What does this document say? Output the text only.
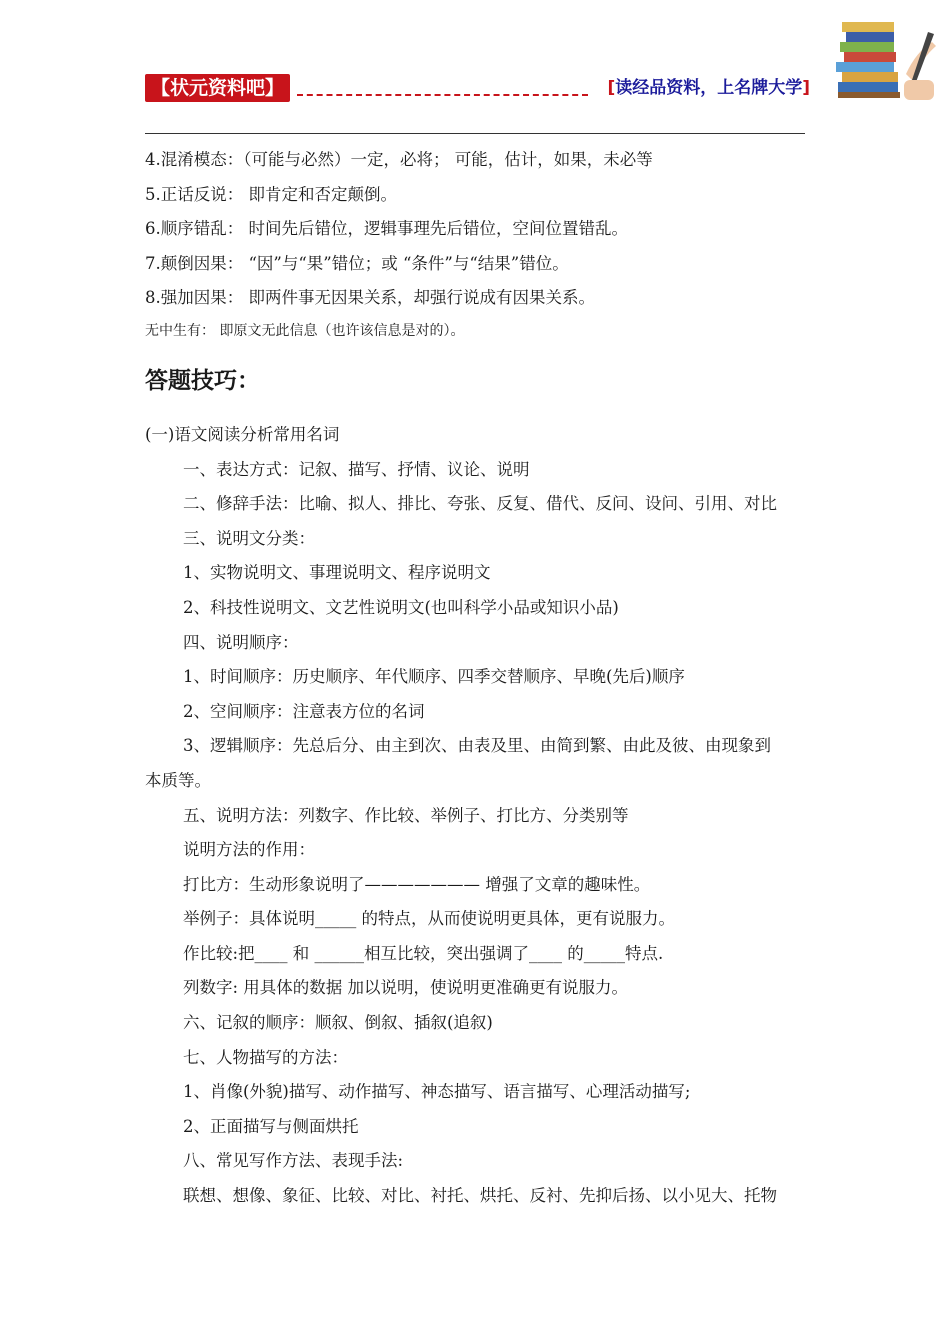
【状元资料吧】	[读经品资料，上名牌大学]
4.混淆模态：（可能与必然）一定，必将； 可能，估计，如果，未必等
5.正话反说： 即肯定和否定颠倒。
6.顺序错乱： 时间先后错位，逻辑事理先后错位，空间位置错乱。
7.颠倒因果： “因”与“果”错位；或 “条件”与“结果”错位。
8.强加因果： 即两件事无因果关系，却强行说成有因果关系。
无中生有： 即原文无此信息（也许该信息是对的）。
答题技巧：
(一)语文阅读分析常用名词
一、表达方式：记叙、描写、抒情、议论、说明
二、修辞手法：比喻、拟人、排比、夸张、反复、借代、反问、设问、引用、对比
三、说明文分类：
1、实物说明文、事理说明文、程序说明文
2、科技性说明文、文艺性说明文(也叫科学小品或知识小品)
四、说明顺序：
1、时间顺序：历史顺序、年代顺序、四季交替顺序、早晚(先后)顺序
2、空间顺序：注意表方位的名词
3、逻辑顺序：先总后分、由主到次、由表及里、由简到繁、由此及彼、由现象到
本质等。
五、说明方法：列数字、作比较、举例子、打比方、分类别等
说明方法的作用：
打比方：生动形象说明了——————— 增强了文章的趣味性。
举例子：具体说明_____ 的特点，从而使说明更具体，更有说服力。
作比较:把____ 和 ______相互比较，突出强调了____ 的_____特点.
列数字: 用具体的数据 加以说明，使说明更准确更有说服力。
六、记叙的顺序：顺叙、倒叙、插叙(追叙)
七、人物描写的方法：
1、肖像(外貌)描写、动作描写、神态描写、语言描写、心理活动描写;
2、正面描写与侧面烘托
八、常见写作方法、表现手法:
联想、想像、象征、比较、对比、衬托、烘托、反衬、先抑后扬、以小见大、托物
